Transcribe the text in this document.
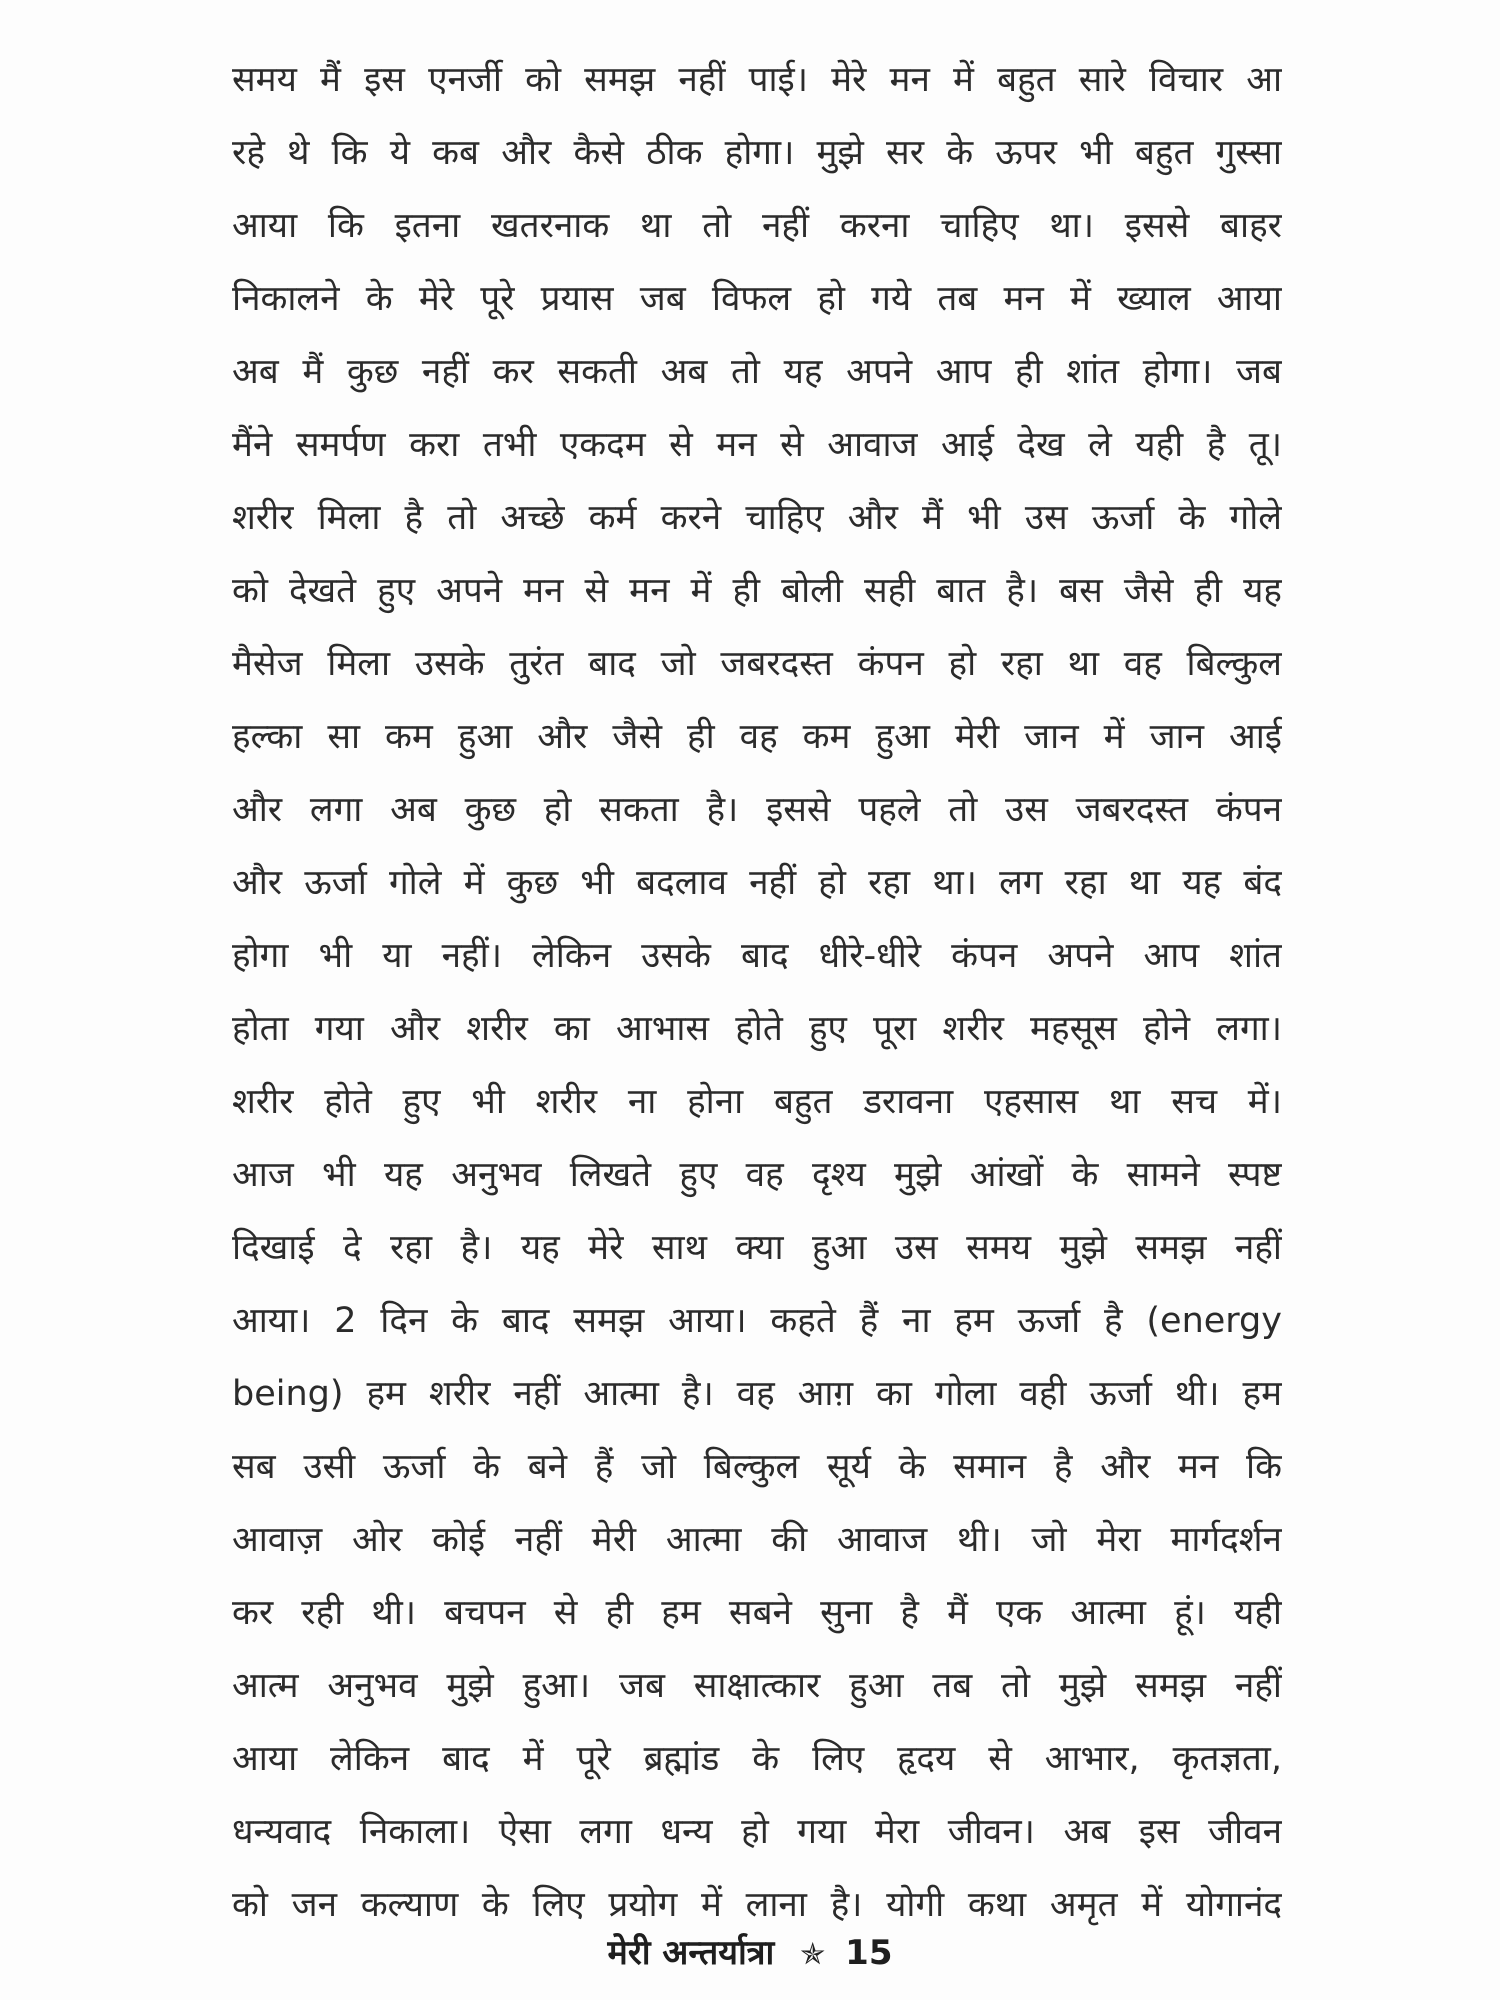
समय मैं इस एनर्जी को समझ नहीं पाई। मेरे मन में बहुत सारे विचार आ
रहे थे कि ये कब और कैसे ठीक होगा। मुझे सर के ऊपर भी बहुत गुस्सा
आया कि इतना खतरनाक था तो नहीं करना चाहिए था। इससे बाहर
निकालने के मेरे पूरे प्रयास जब विफल हो गये तब मन में ख्याल आया
अब मैं कुछ नहीं कर सकती अब तो यह अपने आप ही शांत होगा। जब
मैंने समर्पण करा तभी एकदम से मन से आवाज आई देख ले यही है तू।
शरीर मिला है तो अच्छे कर्म करने चाहिए और मैं भी उस ऊर्जा के गोले
को देखते हुए अपने मन से मन में ही बोली सही बात है। बस जैसे ही यह
मैसेज मिला उसके तुरंत बाद जो जबरदस्त कंपन हो रहा था वह बिल्कुल
हल्का सा कम हुआ और जैसे ही वह कम हुआ मेरी जान में जान आई
और लगा अब कुछ हो सकता है। इससे पहले तो उस जबरदस्त कंपन
और ऊर्जा गोले में कुछ भी बदलाव नहीं हो रहा था। लग रहा था यह बंद
होगा भी या नहीं। लेकिन उसके बाद धीरे-धीरे कंपन अपने आप शांत
होता गया और शरीर का आभास होते हुए पूरा शरीर महसूस होने लगा।
शरीर होते हुए भी शरीर ना होना बहुत डरावना एहसास था सच में।
आज भी यह अनुभव लिखते हुए वह दृश्य मुझे आंखों के सामने स्पष्ट
दिखाई दे रहा है। यह मेरे साथ क्या हुआ उस समय मुझे समझ नहीं
आया। 2 दिन के बाद समझ आया। कहते हैं ना हम ऊर्जा है (energy
being) हम शरीर नहीं आत्मा है। वह आग़ का गोला वही ऊर्जा थी। हम
सब उसी ऊर्जा के बने हैं जो बिल्कुल सूर्य के समान है और मन कि
आवाज़ ओर कोई नहीं मेरी आत्मा की आवाज थी। जो मेरा मार्गदर्शन
कर रही थी। बचपन से ही हम सबने सुना है मैं एक आत्मा हूं। यही
आत्म अनुभव मुझे हुआ। जब साक्षात्कार हुआ तब तो मुझे समझ नहीं
आया लेकिन बाद में पूरे ब्रह्मांड के लिए हृदय से आभार, कृतज्ञता,
धन्यवाद निकाला। ऐसा लगा धन्य हो गया मेरा जीवन। अब इस जीवन
को जन कल्याण के लिए प्रयोग में लाना है। योगी कथा अमृत में योगानंद
मेरी अन्तर्यात्रा ✯ 15
